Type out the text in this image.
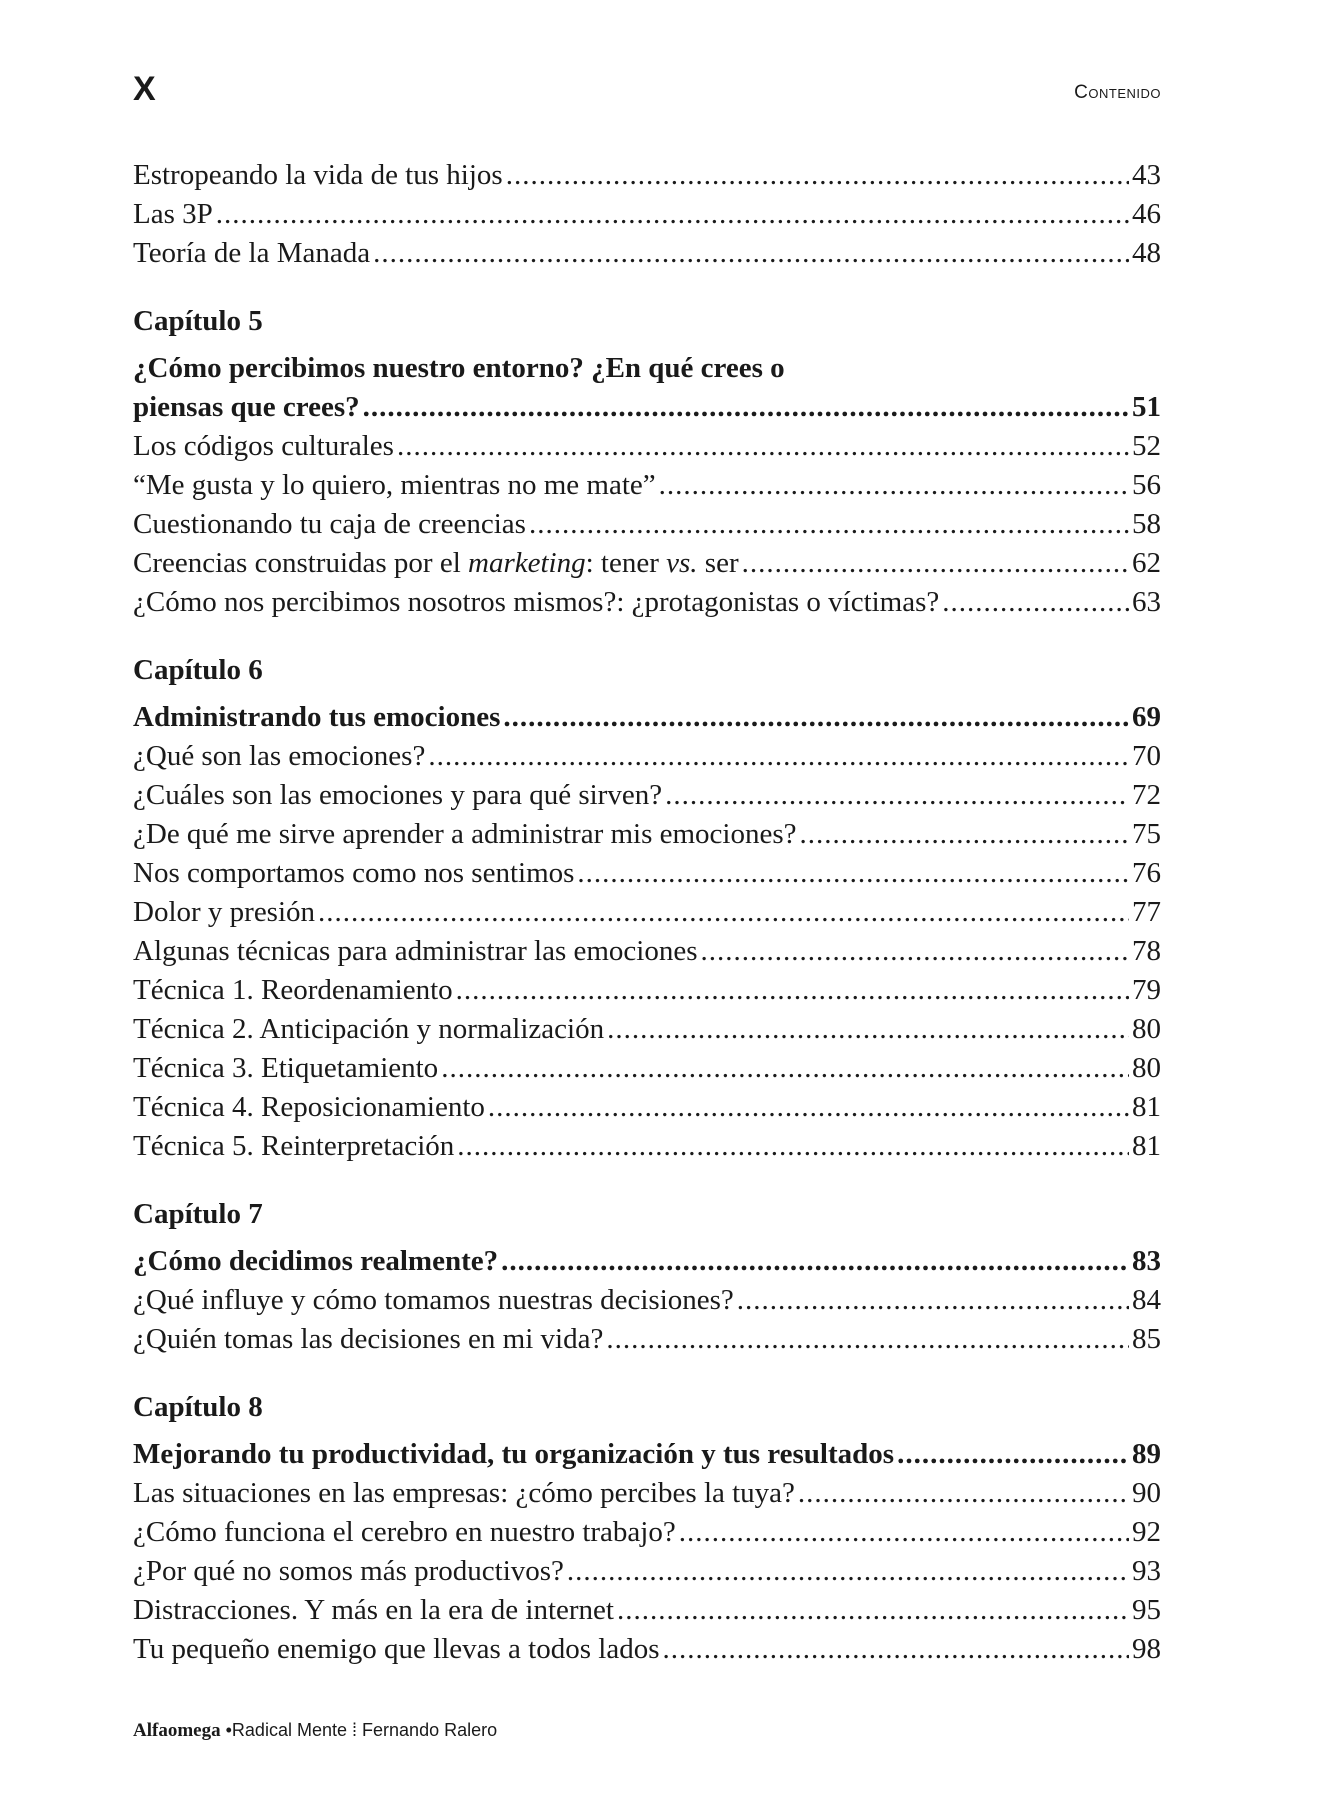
X	Contenido
Estropeando la vida de tus hijos .....	43
Las 3P .....	46
Teoría de la Manada .....	48
Capítulo 5
¿Cómo percibimos nuestro entorno? ¿En qué crees o
piensas que crees? .....	51
Los códigos culturales .....	52
“Me gusta y lo quiero, mientras no me mate” .....	56
Cuestionando tu caja de creencias .....	58
Creencias construidas por el marketing: tener vs. ser .....	62
¿Cómo nos percibimos nosotros mismos?: ¿protagonistas o víctimas? .....	63
Capítulo 6
Administrando tus emociones .....	69
¿Qué son las emociones? .....	70
¿Cuáles son las emociones y para qué sirven? .....	72
¿De qué me sirve aprender a administrar mis emociones? .....	75
Nos comportamos como nos sentimos .....	76
Dolor y presión .....	77
Algunas técnicas para administrar las emociones .....	78
Técnica 1. Reordenamiento .....	79
Técnica 2. Anticipación y normalización .....	80
Técnica 3. Etiquetamiento .....	80
Técnica 4. Reposicionamiento .....	81
Técnica 5. Reinterpretación .....	81
Capítulo 7
¿Cómo decidimos realmente? .....	83
¿Qué influye y cómo tomamos nuestras decisiones? .....	84
¿Quién tomas las decisiones en mi vida? .....	85
Capítulo 8
Mejorando tu productividad, tu organización y tus resultados .....	89
Las situaciones en las empresas: ¿cómo percibes la tuya? .....	90
¿Cómo funciona el cerebro en nuestro trabajo? .....	92
¿Por qué no somos más productivos? .....	93
Distracciones. Y más en la era de internet .....	95
Tu pequeño enemigo que llevas a todos lados .....	98
Alfaomega •Radical Mente ⁞ Fernando Ralero
